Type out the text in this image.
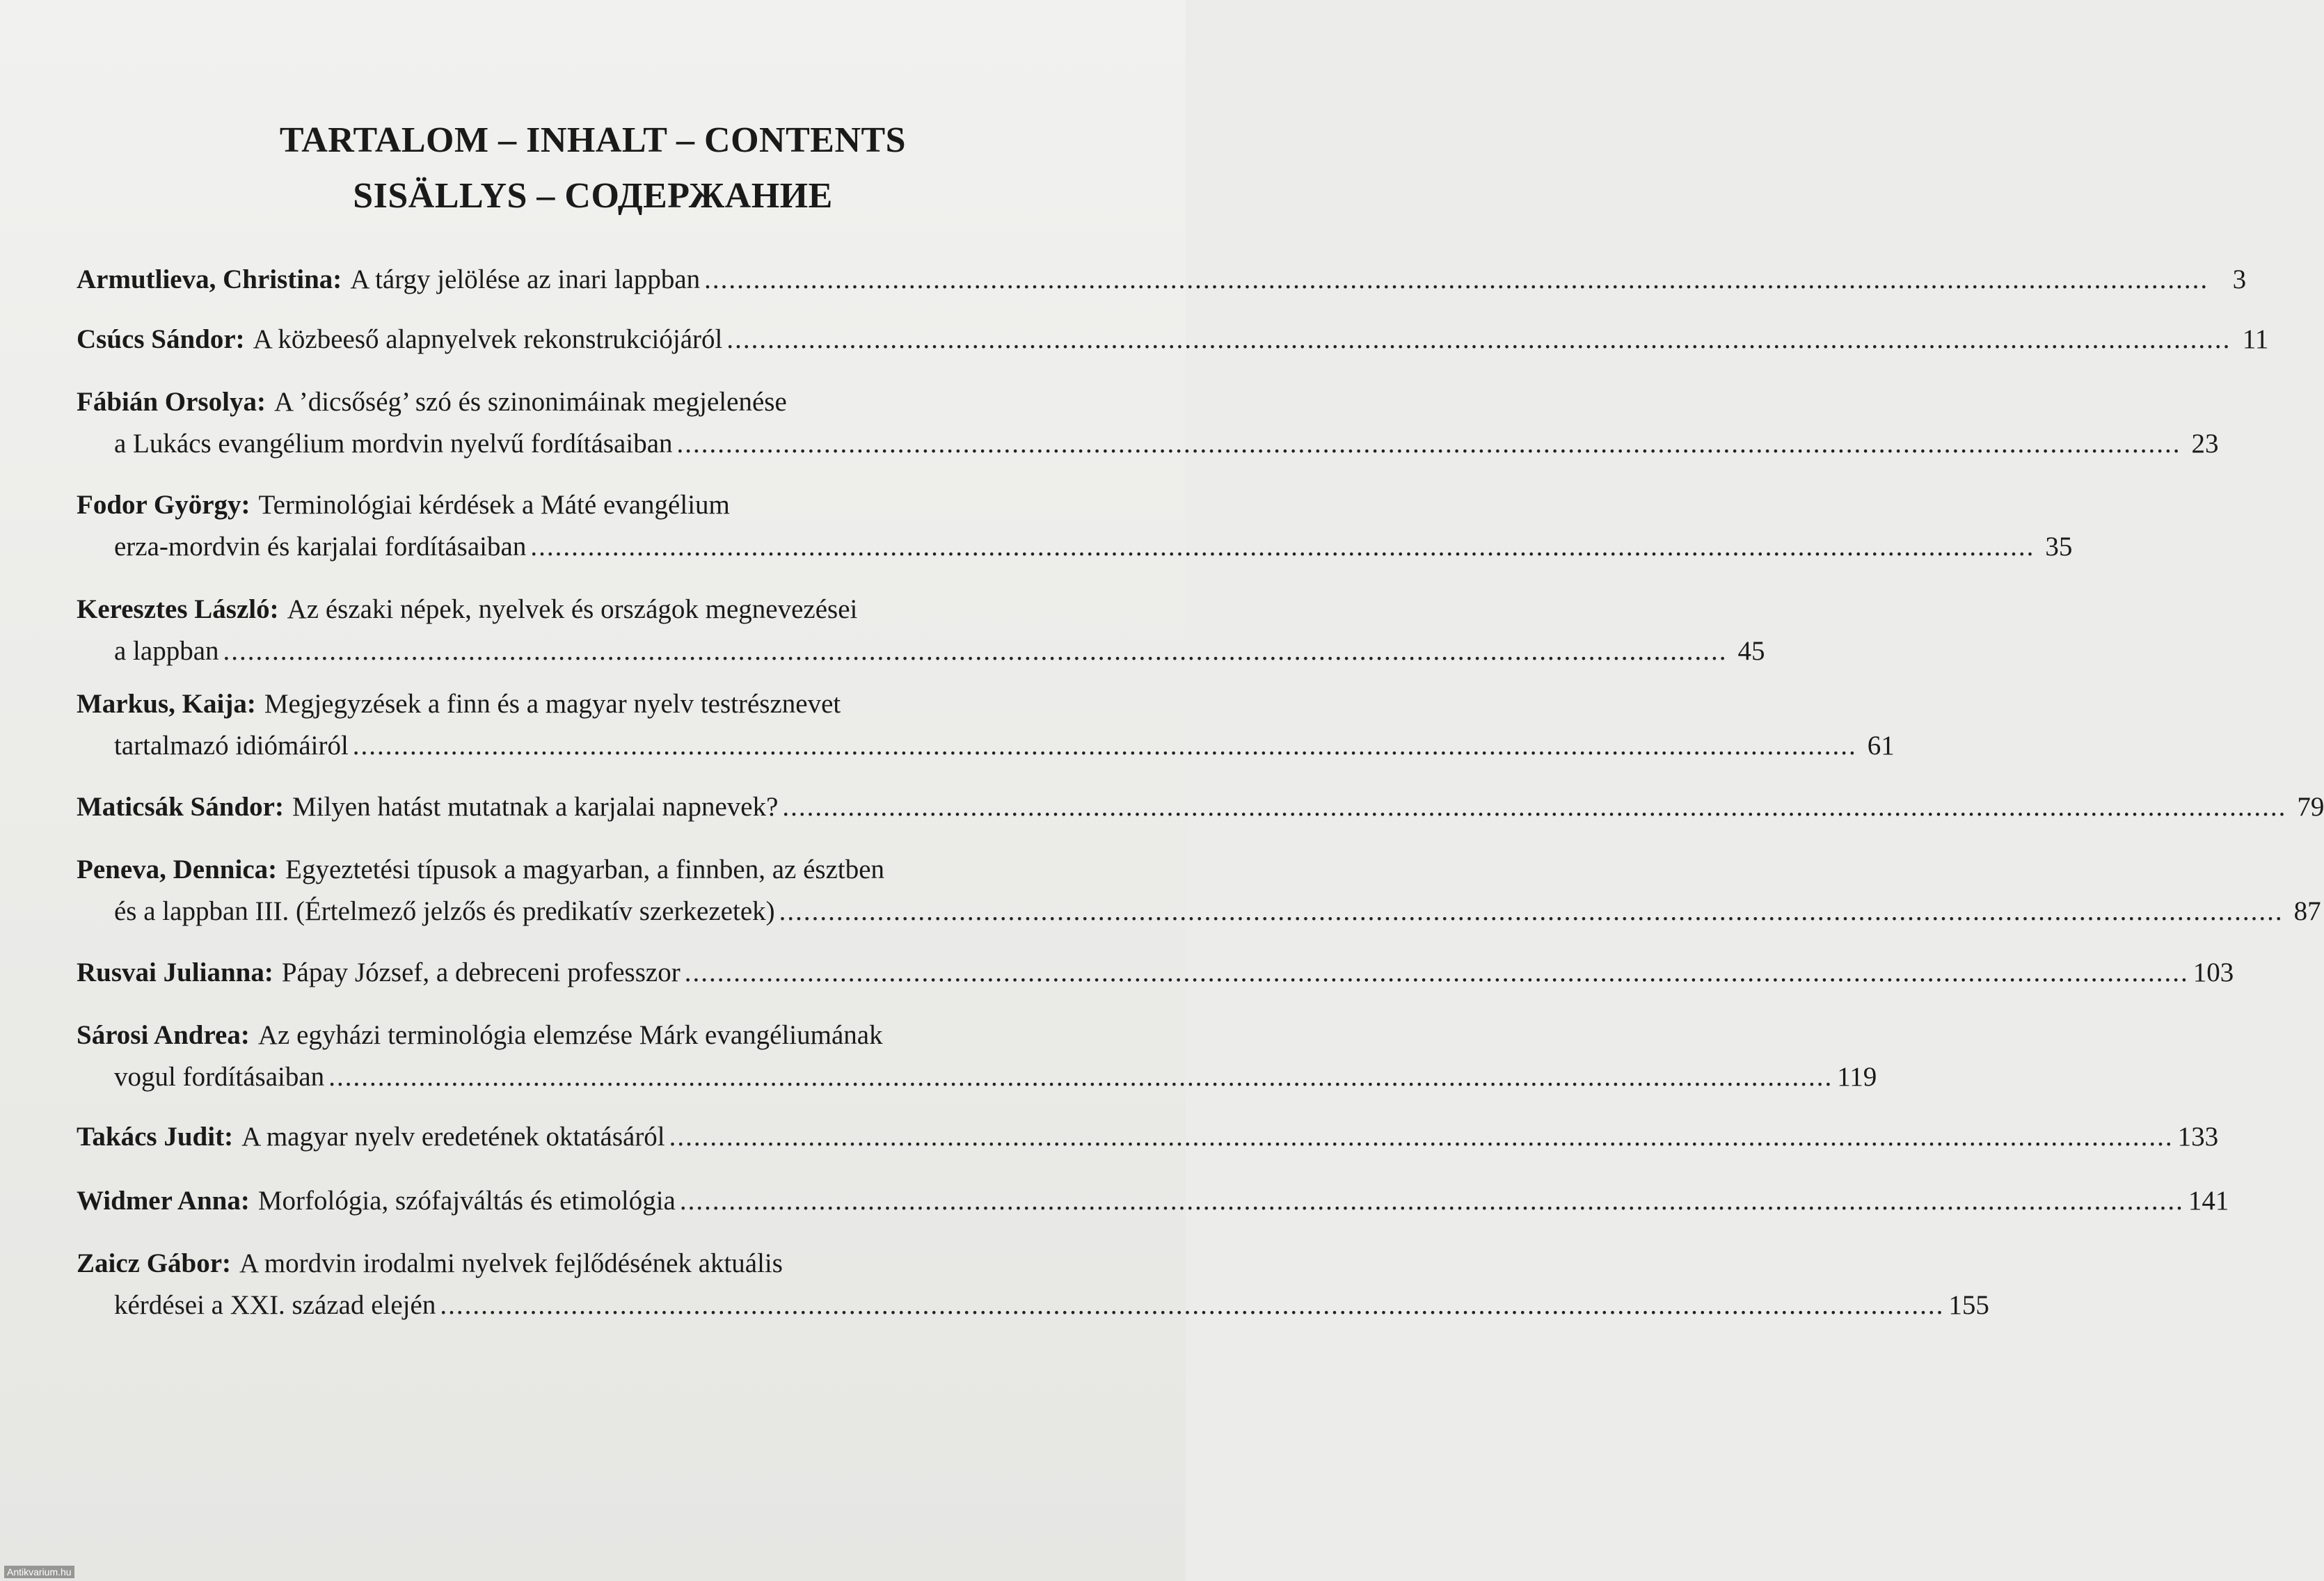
TARTALOM – INHALT – CONTENTS
SISÄLLYS – СОДЕРЖАНИЕ
Armutlieva, Christina: A tárgy jelölése az inari lappban ........................................................................................................................................................................................ 3
Csúcs Sándor: A közbeeső alapnyelvek rekonstrukciójáról ........................................................................................................................................................................................ 11
Fábián Orsolya: A ’dicsőség’ szó és szinonimáinak megjelenése
a Lukács evangélium mordvin nyelvű fordításaiban ........................................................................................................................................................................................ 23
Fodor György: Terminológiai kérdések a Máté evangélium
erza-mordvin és karjalai fordításaiban ........................................................................................................................................................................................ 35
Keresztes László: Az északi népek, nyelvek és országok megnevezései
a lappban ........................................................................................................................................................................................ 45
Markus, Kaija: Megjegyzések a finn és a magyar nyelv testrésznevet
tartalmazó idiómáiról ........................................................................................................................................................................................ 61
Maticsák Sándor: Milyen hatást mutatnak a karjalai napnevek? ........................................................................................................................................................................................ 79
Peneva, Dennica: Egyeztetési típusok a magyarban, a finnben, az észtben
és a lappban III. (Értelmező jelzős és predikatív szerkezetek) ........................................................................................................................................................................................ 87
Rusvai Julianna: Pápay József, a debreceni professzor ........................................................................................................................................................................................ 103
Sárosi Andrea: Az egyházi terminológia elemzése Márk evangéliumának
vogul fordításaiban ........................................................................................................................................................................................ 119
Takács Judit: A magyar nyelv eredetének oktatásáról ........................................................................................................................................................................................ 133
Widmer Anna: Morfológia, szófajváltás és etimológia ........................................................................................................................................................................................ 141
Zaicz Gábor: A mordvin irodalmi nyelvek fejlődésének aktuális
kérdései a XXI. század elején ........................................................................................................................................................................................ 155
Antikvarium.hu
